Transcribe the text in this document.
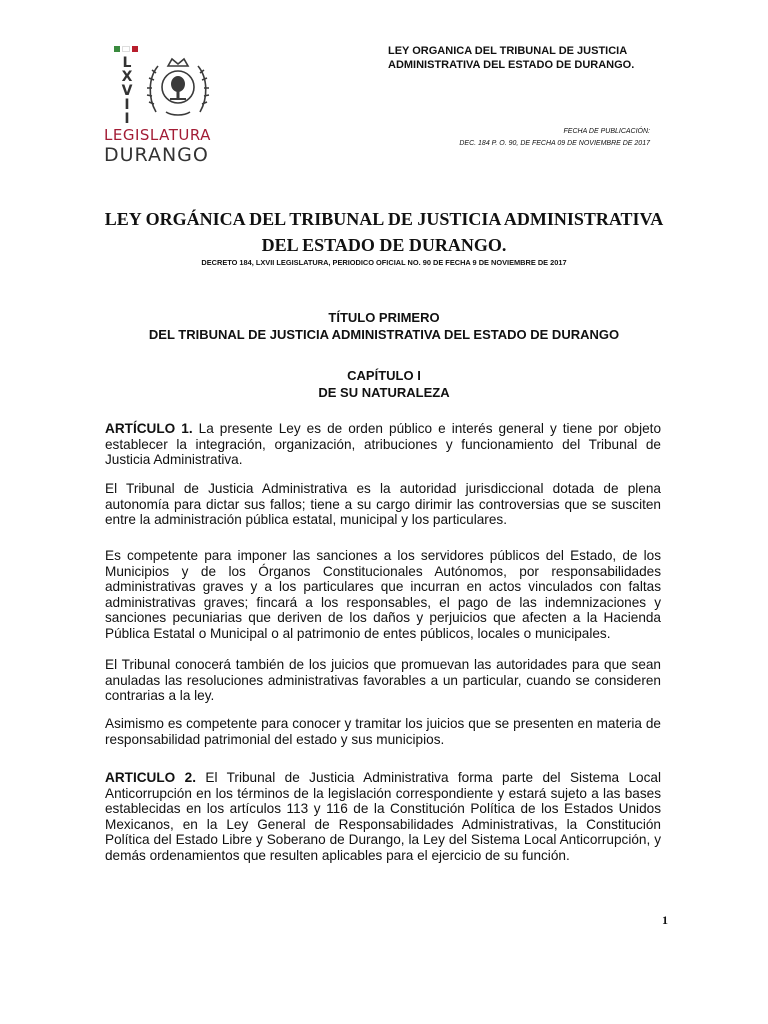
L
X
V
I
I
LEGISLATURA
DURANGO
LEY ORGANICA DEL TRIBUNAL DE JUSTICIA
ADMINISTRATIVA DEL ESTADO DE DURANGO.
FECHA DE PUBLICACIÓN:
DEC. 184 P. O. 90, DE FECHA 09 DE NOVIEMBRE DE 2017
LEY ORGÁNICA DEL TRIBUNAL DE JUSTICIA ADMINISTRATIVA
DEL ESTADO DE DURANGO.
DECRETO 184, LXVII LEGISLATURA, PERIODICO OFICIAL NO. 90 DE FECHA 9 DE NOVIEMBRE DE 2017
TÍTULO PRIMERO
DEL TRIBUNAL DE JUSTICIA ADMINISTRATIVA DEL ESTADO DE DURANGO
CAPÍTULO I
DE SU NATURALEZA
ARTÍCULO 1. La presente Ley es de orden público e interés general y tiene por objeto establecer la integración, organización, atribuciones y funcionamiento del Tribunal de Justicia Administrativa.
El Tribunal de Justicia Administrativa es la autoridad jurisdiccional dotada de plena autonomía para dictar sus fallos; tiene a su cargo dirimir las controversias que se susciten entre la administración pública estatal, municipal y los particulares.
Es competente para imponer las sanciones a los servidores públicos del Estado, de los Municipios y de los Órganos Constitucionales Autónomos, por responsabilidades administrativas graves y a los particulares que incurran en actos vinculados con faltas administrativas graves; fincará a los responsables, el pago de las indemnizaciones y sanciones pecuniarias que deriven de los daños y perjuicios que afecten a la Hacienda Pública Estatal o Municipal o al patrimonio de entes públicos, locales o municipales.
El Tribunal conocerá también de los juicios que promuevan las autoridades para que sean anuladas las resoluciones administrativas favorables a un particular, cuando se consideren contrarias a la ley.
Asimismo es competente para conocer y tramitar los juicios que se presenten en materia de responsabilidad patrimonial del estado y sus municipios.
ARTICULO 2. El Tribunal de Justicia Administrativa forma parte del Sistema Local Anticorrupción en los términos de la legislación correspondiente y estará sujeto a las bases establecidas en los artículos 113 y 116 de la Constitución Política de los Estados Unidos Mexicanos, en la Ley General de Responsabilidades Administrativas, la Constitución Política del Estado Libre y Soberano de Durango, la Ley del Sistema Local Anticorrupción, y demás ordenamientos que resulten aplicables para el ejercicio de su función.
1
